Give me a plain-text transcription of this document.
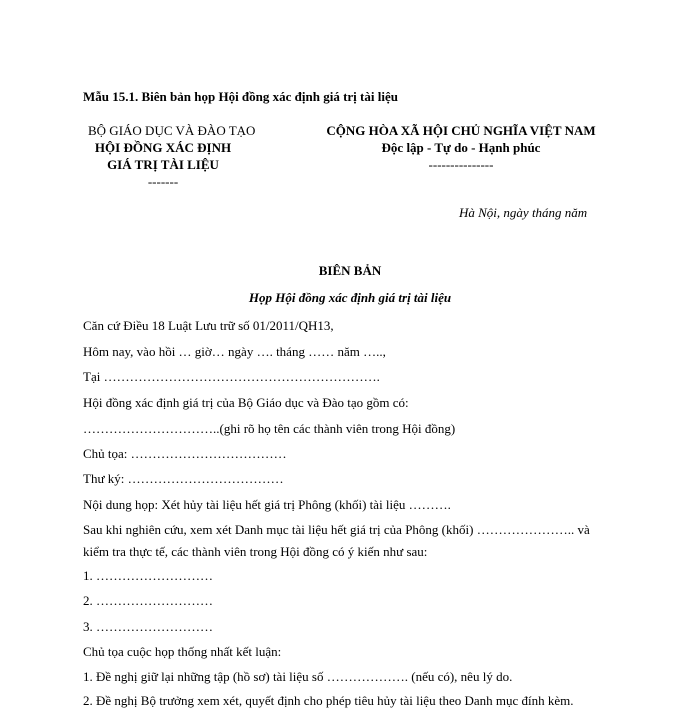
Mẫu 15.1. Biên bản họp Hội đồng xác định giá trị tài liệu
BỘ GIÁO DỤC VÀ ĐÀO TẠO
HỘI ĐỒNG XÁC ĐỊNH
GIÁ TRỊ TÀI LIỆU
-------
CỘNG HÒA XÃ HỘI CHỦ NGHĨA VIỆT NAM
Độc lập - Tự do - Hạnh phúc
---------------
Hà Nội, ngày tháng năm
BIÊN BẢN
Họp Hội đồng xác định giá trị tài liệu
Căn cứ Điều 18 Luật Lưu trữ số 01/2011/QH13,
Hôm nay, vào hồi … giờ… ngày …. tháng …… năm …..,
Tại ……………………………………………………….
Hội đồng xác định giá trị của Bộ Giáo dục và Đào tạo gồm có:
…………………………..(ghi rõ họ tên các thành viên trong Hội đồng)
Chủ tọa: ………………………………
Thư ký: ………………………………
Nội dung họp: Xét hủy tài liệu hết giá trị Phông (khối) tài liệu ……….
Sau khi nghiên cứu, xem xét Danh mục tài liệu hết giá trị của Phông (khối) ………………….. và kiểm tra thực tế, các thành viên trong Hội đồng có ý kiến như sau:
1. ………………………
2. ………………………
3. ………………………
Chủ tọa cuộc họp thống nhất kết luận:
1. Đề nghị giữ lại những tập (hồ sơ) tài liệu số ………………. (nếu có), nêu lý do.
2. Đề nghị Bộ trưởng xem xét, quyết định cho phép tiêu hủy tài liệu theo Danh mục đính kèm.
